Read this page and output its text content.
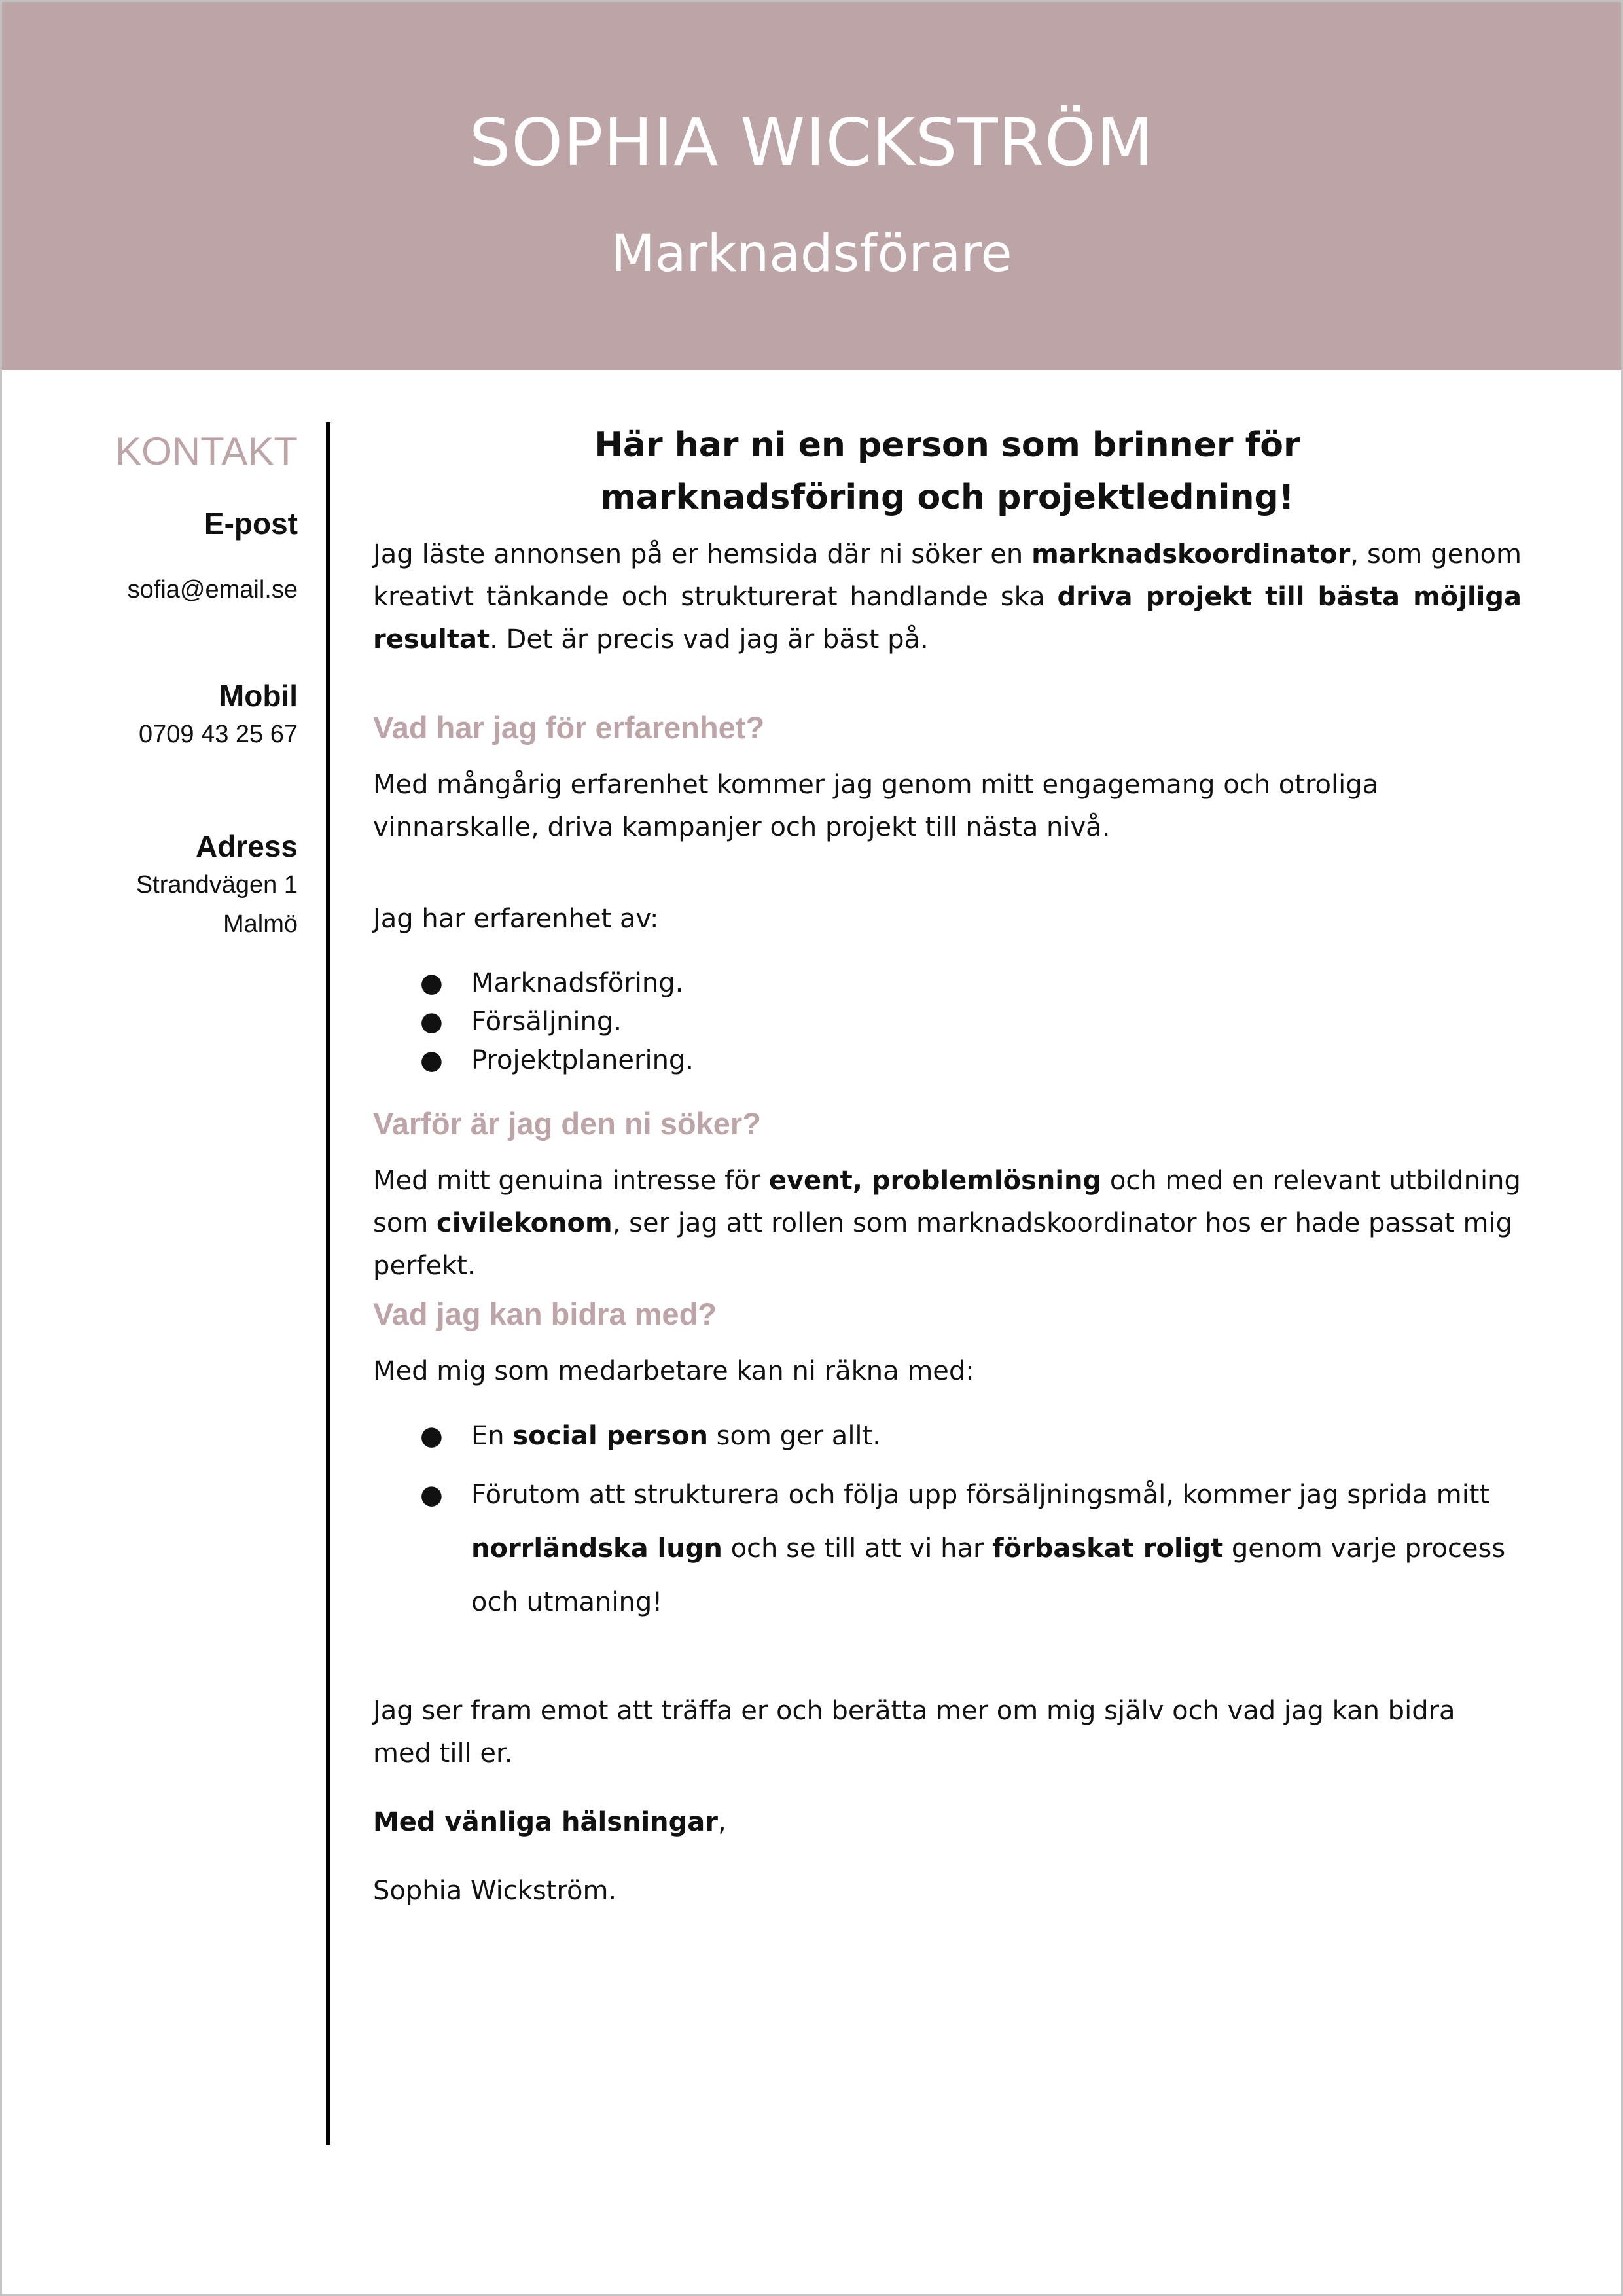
SOPHIA WICKSTRÖM
Marknadsförare
KONTAKT
E-post
sofia@email.se
Mobil
0709 43 25 67
Adress
Strandvägen 1
Malmö
Här har ni en person som brinner för
marknadsföring och projektledning!

Jag läste annonsen på er hemsida där ni söker en marknadskoordinator, som genom kreativt tänkande och strukturerat handlande ska driva projekt till bästa möjliga resultat. Det är precis vad jag är bäst på.

Vad har jag för erfarenhet?

Med mångårig erfarenhet kommer jag genom mitt engagemang och otroliga vinnarskalle, driva kampanjer och projekt till nästa nivå.

Jag har erfarenhet av:

● Marknadsföring.
● Försäljning.
● Projektplanering.
Varför är jag den ni söker?

Med mitt genuina intresse för event, problemlösning och med en relevant utbildning som civilekonom, ser jag att rollen som marknadskoordinator hos er hade passat mig perfekt.

Vad jag kan bidra med?

Med mig som medarbetare kan ni räkna med:

● En social person som ger allt.
● Förutom att strukturera och följa upp försäljningsmål, kommer jag sprida mitt norrländska lugn och se till att vi har förbaskat roligt genom varje process och utmaning!

Jag ser fram emot att träffa er och berätta mer om mig själv och vad jag kan bidra med till er.

Med vänliga hälsningar,

Sophia Wickström.
